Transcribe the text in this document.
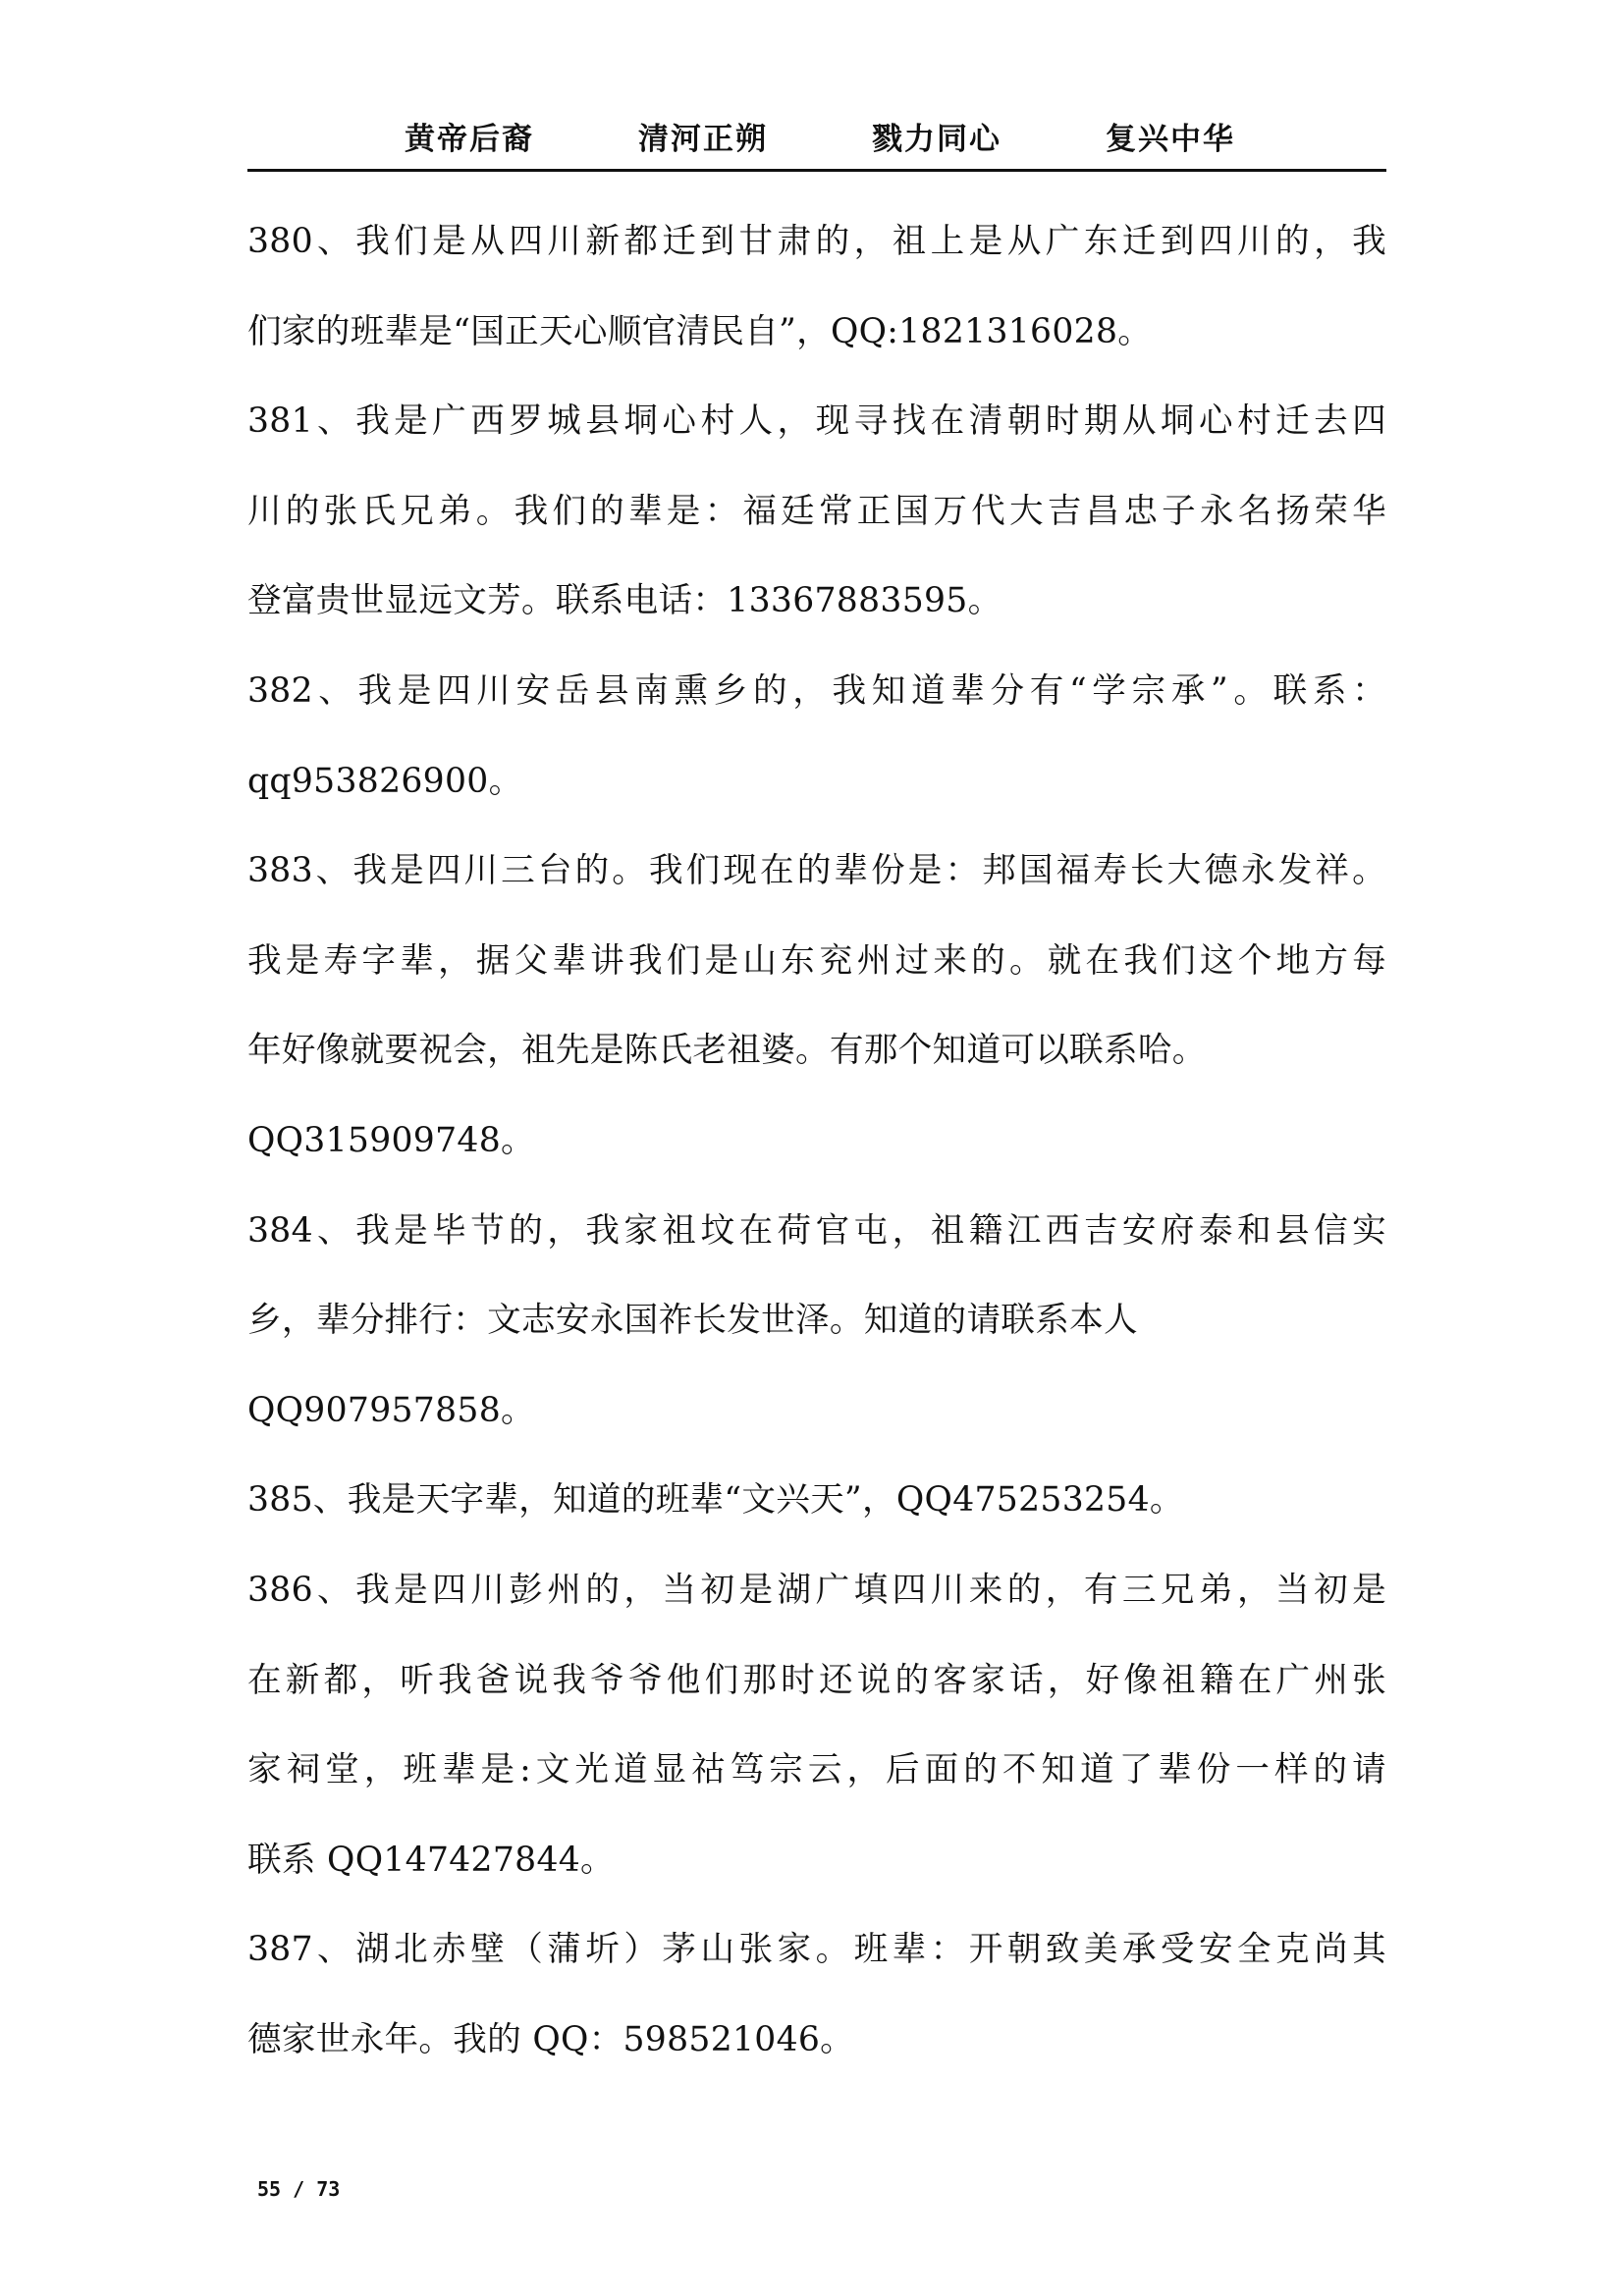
黄帝后裔	清河正朔	戮力同心	复兴中华
380、我们是从四川新都迁到甘肃的，祖上是从广东迁到四川的，我
们家的班辈是“国正天心顺官清民自”，QQ:1821316028。
381、我是广西罗城县垌心村人，现寻找在清朝时期从垌心村迁去四
川的张氏兄弟。我们的辈是：福廷常正国万代大吉昌忠子永名扬荣华
登富贵世显远文芳。联系电话：13367883595。
382、我是四川安岳县南熏乡的，我知道辈分有“学宗承”。联系：
qq953826900。
383、我是四川三台的。我们现在的辈份是：邦国福寿长大德永发祥。
我是寿字辈，据父辈讲我们是山东兖州过来的。就在我们这个地方每
年好像就要祝会，祖先是陈氏老祖婆。有那个知道可以联系哈。
QQ315909748。
384、我是毕节的，我家祖坟在荷官屯，祖籍江西吉安府泰和县信实
乡，辈分排行：文志安永国祚长发世泽。知道的请联系本人
QQ907957858。
385、我是天字辈，知道的班辈“文兴天”，QQ475253254。
386、我是四川彭州的，当初是湖广填四川来的，有三兄弟，当初是
在新都，听我爸说我爷爷他们那时还说的客家话，好像祖籍在广州张
家祠堂，班辈是:文光道显祜笃宗云，后面的不知道了辈份一样的请
联系 QQ147427844。
387、湖北赤壁（蒲圻）茅山张家。班辈：开朝致美承受安全克尚其
德家世永年。我的 QQ：598521046。
55 / 73
